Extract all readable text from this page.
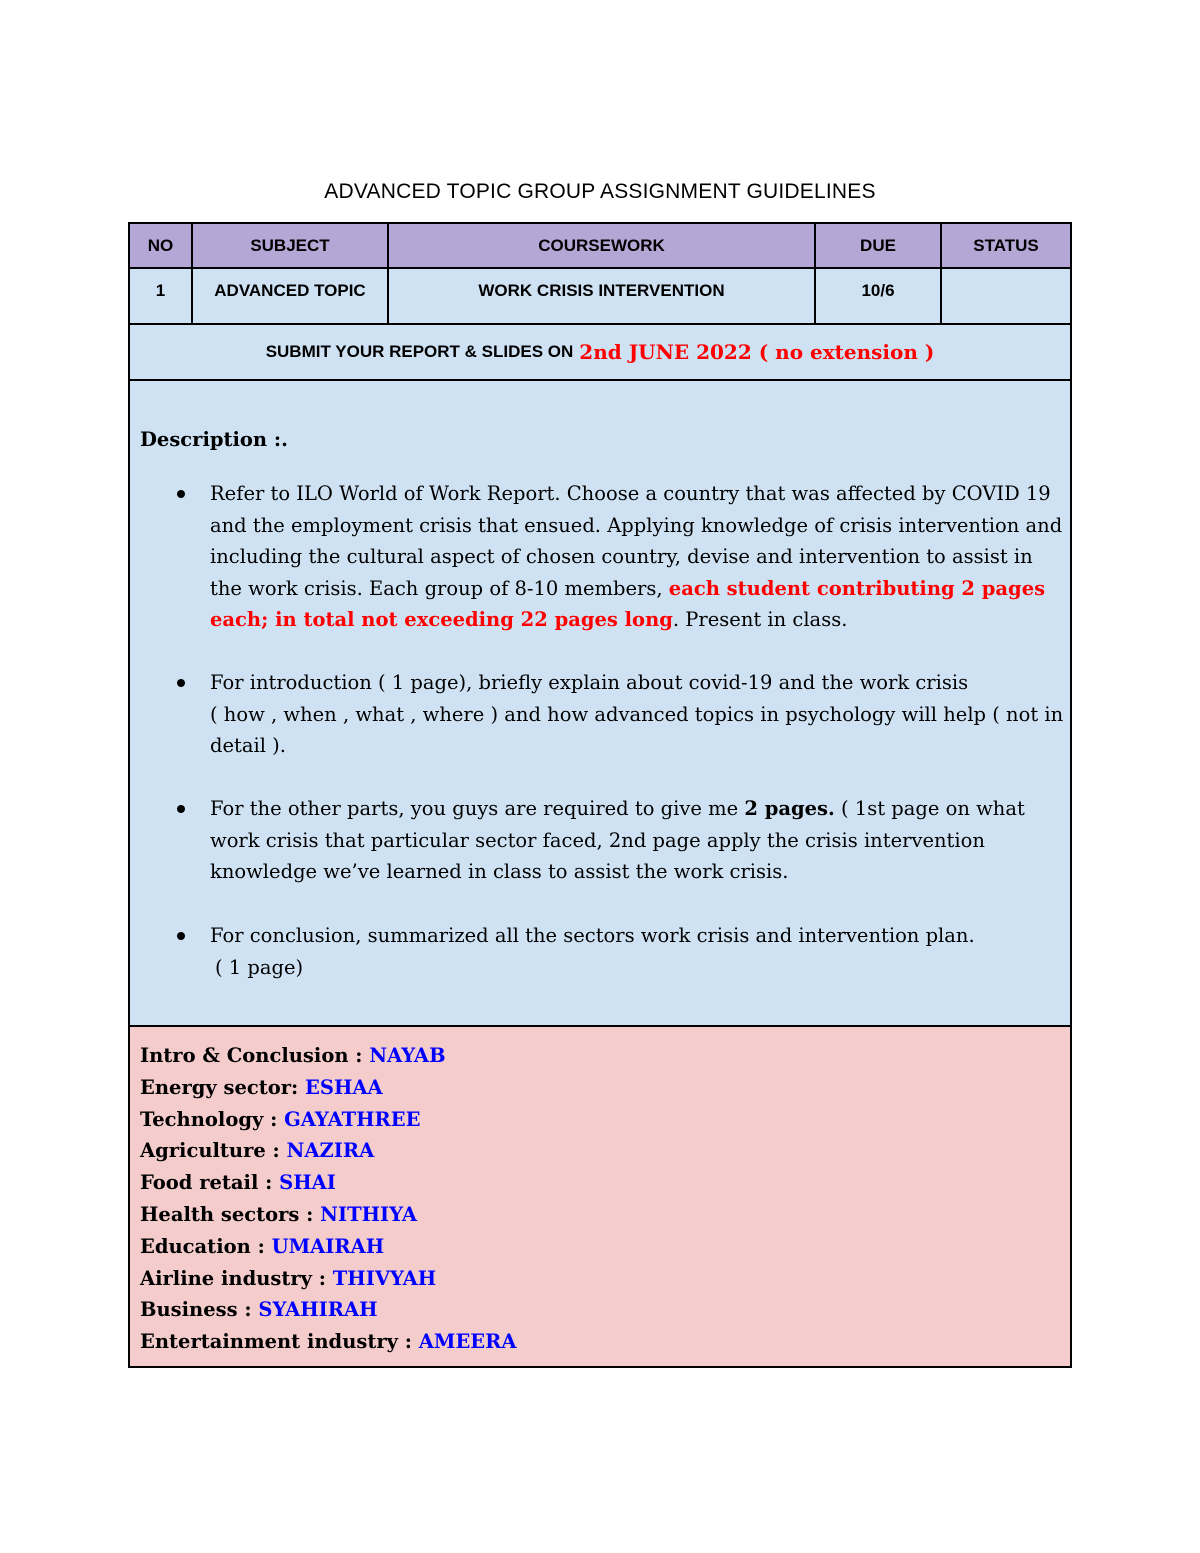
ADVANCED TOPIC GROUP ASSIGNMENT GUIDELINES
NO	SUBJECT	COURSEWORK	DUE	STATUS
1	ADVANCED TOPIC	WORK CRISIS INTERVENTION	10/6
SUBMIT YOUR REPORT & SLIDES ON 2nd JUNE 2022 ( no extension )
Description :.
Refer to ILO World of Work Report. Choose a country that was affected by COVID 19 and the employment crisis that ensued. Applying knowledge of crisis intervention and including the cultural aspect of chosen country, devise and intervention to assist in the work crisis. Each group of 8-10 members, each student contributing 2 pages each; in total not exceeding 22 pages long. Present in class.
For introduction ( 1 page), briefly explain about covid-19 and the work crisis
( how , when , what , where ) and how advanced topics in psychology will help ( not in detail ).
For the other parts, you guys are required to give me 2 pages. ( 1st page on what work crisis that particular sector faced, 2nd page apply the crisis intervention knowledge we’ve learned in class to assist the work crisis.
For conclusion, summarized all the sectors work crisis and intervention plan.
( 1 page)
Intro & Conclusion : NAYAB
Energy sector: ESHAA
Technology : GAYATHREE
Agriculture : NAZIRA
Food retail : SHAI
Health sectors : NITHIYA
Education : UMAIRAH
Airline industry : THIVYAH
Business : SYAHIRAH
Entertainment industry : AMEERA
